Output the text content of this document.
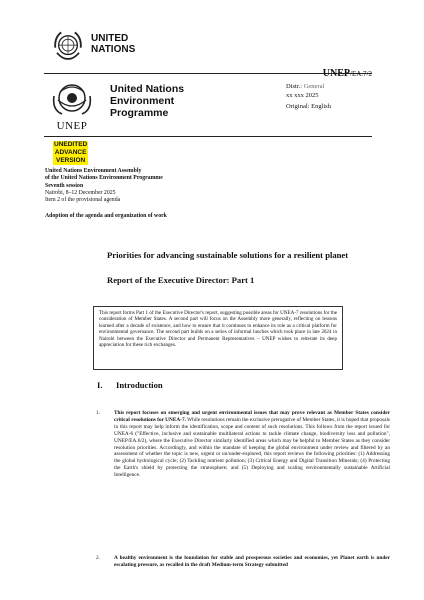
UNITED
NATIONS
UNEP
United Nations
Environment
Programme
UNEP/EA.7/2
Distr.: General
xx xxx 2025
Original: English
UNEDITED
ADVANCE
VERSION
United Nations Environment Assembly
of the United Nations Environment Programme
Seventh session
Nairobi, 8–12 December 2025
Item 2 of the provisional agenda
Adoption of the agenda and organization of work
Priorities for advancing sustainable solutions for a resilient planet
Report of the Executive Director: Part 1
This report forms Part 1 of the Executive Director's report, suggesting possible areas for UNEA-7 resolutions for the consideration of Member States. A second part will focus on the Assembly more generally, reflecting on lessons learned after a decade of existence, and how to ensure that it continues to enhance its role as a critical platform for environmental governance. The second part builds on a series of informal lunches which took place in late 2024 in Nairobi between the Executive Director and Permanent Representatives – UNEP wishes to reiterate its deep appreciation for these rich exchanges.
I. Introduction
1.	This report focuses on emerging and urgent environmental issues that may prove relevant as Member States consider critical resolutions for UNEA-7. While resolutions remain the exclusive prerogative of Member States, it is hoped that proposals in this report may help inform the identification, scope and content of such resolutions. This follows from the report issued for UNEA-6 ("Effective, inclusive and sustainable multilateral actions to tackle climate change, biodiversity loss and pollution", UNEP/EA.6/2), where the Executive Director similarly identified areas which may be helpful to Member States as they consider resolution priorities. Accordingly, and within the mandate of keeping the global environment under review and filtered by an assessment of whether the topic is new, urgent or un/under-explored, this report reviews the following priorities: (1) Addressing the global hydrological cycle; (2) Tackling nutrient pollution; (3) Critical Energy and Digital Transition Minerals; (4) Protecting the Earth's shield by protecting the stratosphere; and (5) Deploying and scaling environmentally sustainable Artificial Intelligence.
2.	A healthy environment is the foundation for stable and prosperous societies and economies, yet Planet earth is under escalating pressure, as recalled in the draft Medium-term Strategy submitted
